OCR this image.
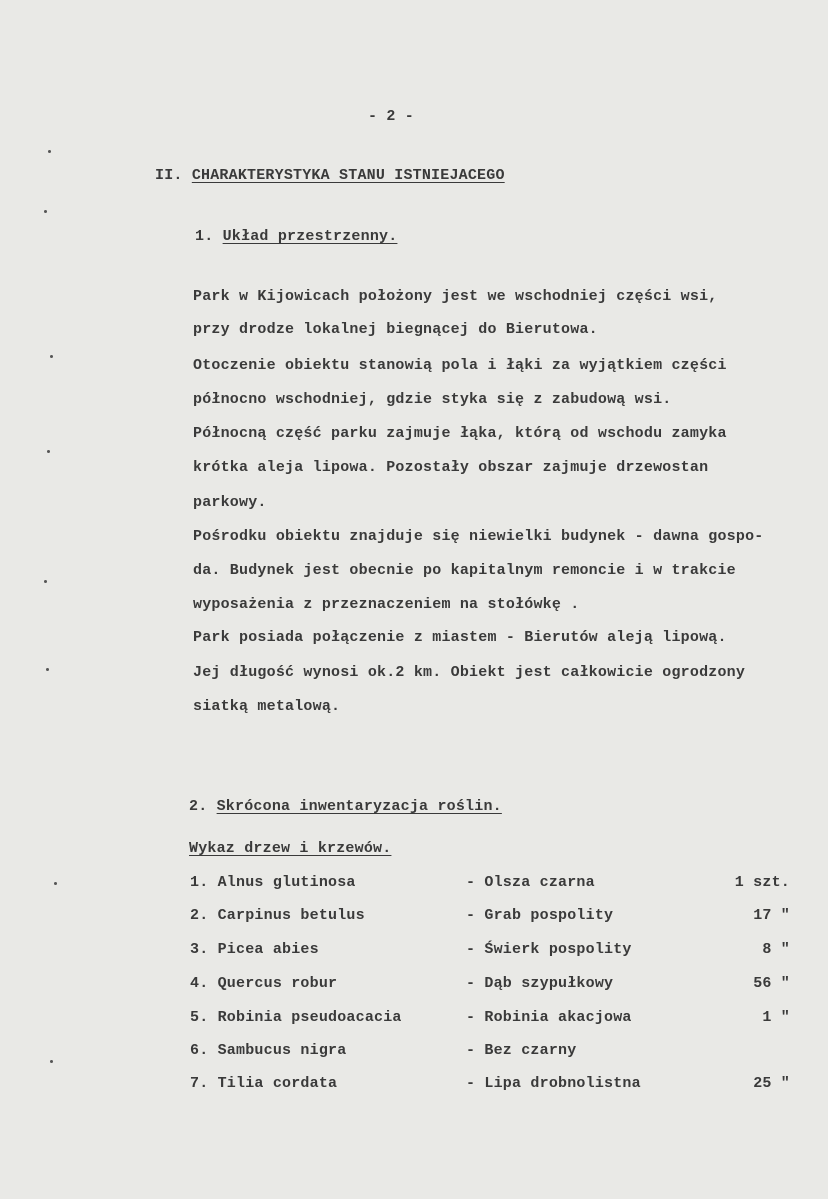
- 2 -
II. CHARAKTERYSTYKA STANU ISTNIEJACEGO
1. Układ przestrzenny.
Park w Kijowicach położony jest we wschodniej części wsi,
przy drodze lokalnej biegnącej do Bierutowa.
Otoczenie obiektu stanowią pola i łąki za wyjątkiem części
północno wschodniej, gdzie styka się z zabudową wsi.
Północną część parku zajmuje łąka, którą od wschodu zamyka
krótka aleja lipowa. Pozostały obszar zajmuje drzewostan
parkowy.
Pośrodku obiektu znajduje się niewielki budynek - dawna gospo-
da. Budynek jest obecnie po kapitalnym remoncie i w trakcie
wyposażenia z przeznaczeniem na stołówkę .
Park posiada połączenie z miastem - Bierutów aleją lipową.
Jej długość wynosi ok.2 km. Obiekt jest całkowicie ogrodzony
siatką metalową.
2. Skrócona inwentaryzacja roślin.
Wykaz drzew i krzewów.
1. Alnus glutinosa	- Olsza czarna	1 szt.
2. Carpinus betulus	- Grab pospolity	17 "
3. Picea abies	- Świerk pospolity	8 "
4. Quercus robur	- Dąb szypułkowy	56 "
5. Robinia pseudoacacia	- Robinia akacjowa	1 "
6. Sambucus nigra	- Bez czarny
7. Tilia cordata	- Lipa drobnolistna	25 "
